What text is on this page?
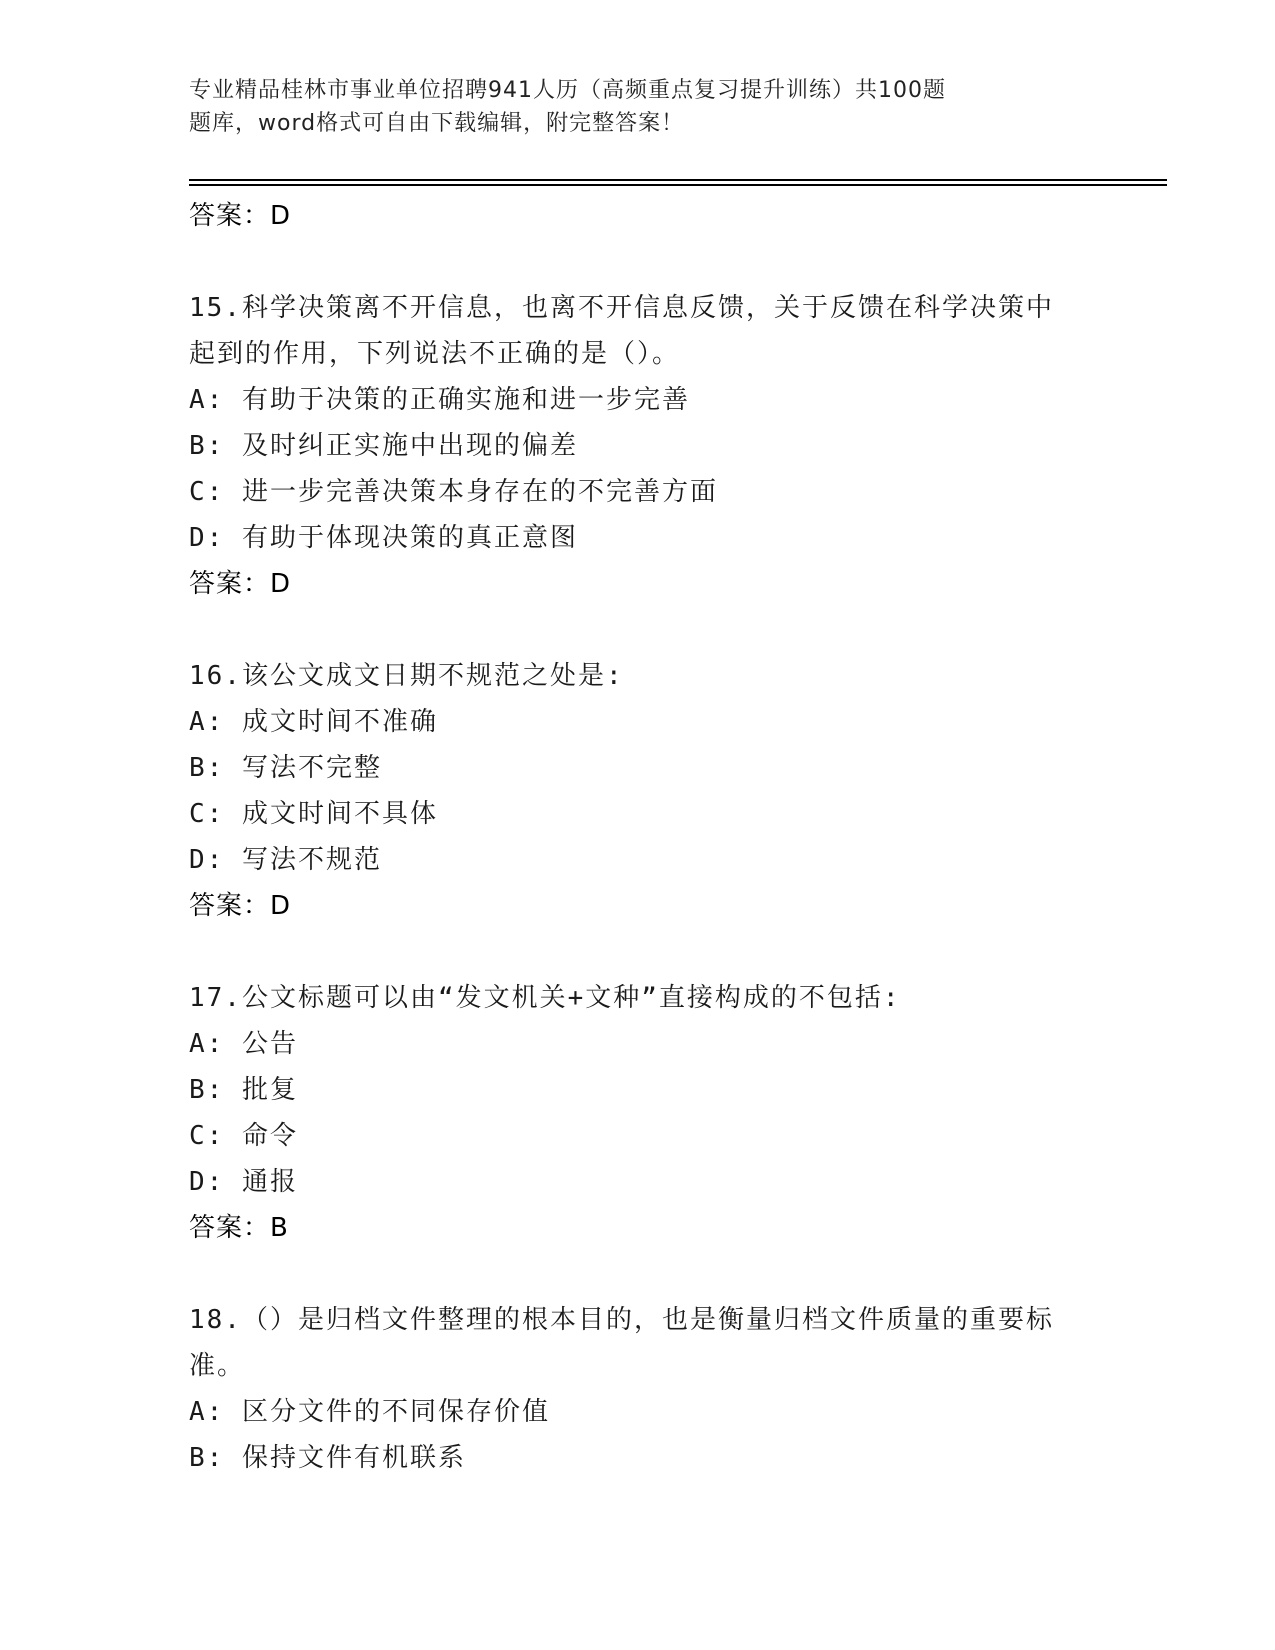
专业精品桂林市事业单位招聘941人历（高频重点复习提升训练）共100题
题库，word格式可自由下载编辑，附完整答案！
答案：D
15.科学决策离不开信息，也离不开信息反馈，关于反馈在科学决策中
起到的作用，下列说法不正确的是（）。
A: 有助于决策的正确实施和进一步完善
B: 及时纠正实施中出现的偏差
C: 进一步完善决策本身存在的不完善方面
D: 有助于体现决策的真正意图
答案：D
16.该公文成文日期不规范之处是:
A: 成文时间不准确
B: 写法不完整
C: 成文时间不具体
D: 写法不规范
答案：D
17.公文标题可以由“发文机关+文种”直接构成的不包括:
A: 公告
B: 批复
C: 命令
D: 通报
答案：B
18.（）是归档文件整理的根本目的，也是衡量归档文件质量的重要标
准。
A: 区分文件的不同保存价值
B: 保持文件有机联系
